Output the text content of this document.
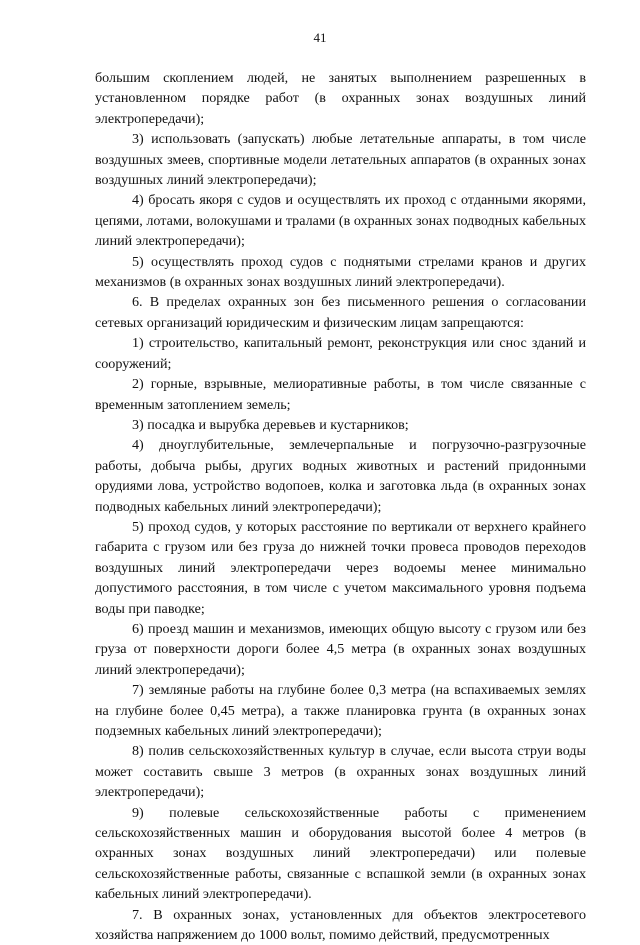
41

большим скоплением людей, не занятых выполнением разрешенных в установленном порядке работ (в охранных зонах воздушных линий электропередачи);

3) использовать (запускать) любые летательные аппараты, в том числе воздушных змеев, спортивные модели летательных аппаратов (в охранных зонах воздушных линий электропередачи);

4) бросать якоря с судов и осуществлять их проход с отданными якорями, цепями, лотами, волокушами и тралами (в охранных зонах подводных кабельных линий электропередачи);

5) осуществлять проход судов с поднятыми стрелами кранов и других механизмов (в охранных зонах воздушных линий электропередачи).

6. В пределах охранных зон без письменного решения о согласовании сетевых организаций юридическим и физическим лицам запрещаются:

1) строительство, капитальный ремонт, реконструкция или снос зданий и сооружений;

2) горные, взрывные, мелиоративные работы, в том числе связанные с временным затоплением земель;

3) посадка и вырубка деревьев и кустарников;

4) дноуглубительные, землечерпальные и погрузочно-разгрузочные работы, добыча рыбы, других водных животных и растений придонными орудиями лова, устройство водопоев, колка и заготовка льда (в охранных зонах подводных кабельных линий электропередачи);

5) проход судов, у которых расстояние по вертикали от верхнего крайнего габарита с грузом или без груза до нижней точки провеса проводов переходов воздушных линий электропередачи через водоемы менее минимально допустимого расстояния, в том числе с учетом максимального уровня подъема воды при паводке;

6) проезд машин и механизмов, имеющих общую высоту с грузом или без груза от поверхности дороги более 4,5 метра (в охранных зонах воздушных линий электропередачи);

7) земляные работы на глубине более 0,3 метра (на вспахиваемых землях на глубине более 0,45 метра), а также планировка грунта (в охранных зонах подземных кабельных линий электропередачи);

8) полив сельскохозяйственных культур в случае, если высота струи воды может составить свыше 3 метров (в охранных зонах воздушных линий электропередачи);

9) полевые сельскохозяйственные работы с применением сельскохозяйственных машин и оборудования высотой более 4 метров (в охранных зонах воздушных линий электропередачи) или полевые сельскохозяйственные работы, связанные с вспашкой земли (в охранных зонах кабельных линий электропередачи).

7. В охранных зонах, установленных для объектов электросетевого хозяйства напряжением до 1000 вольт, помимо действий, предусмотренных
